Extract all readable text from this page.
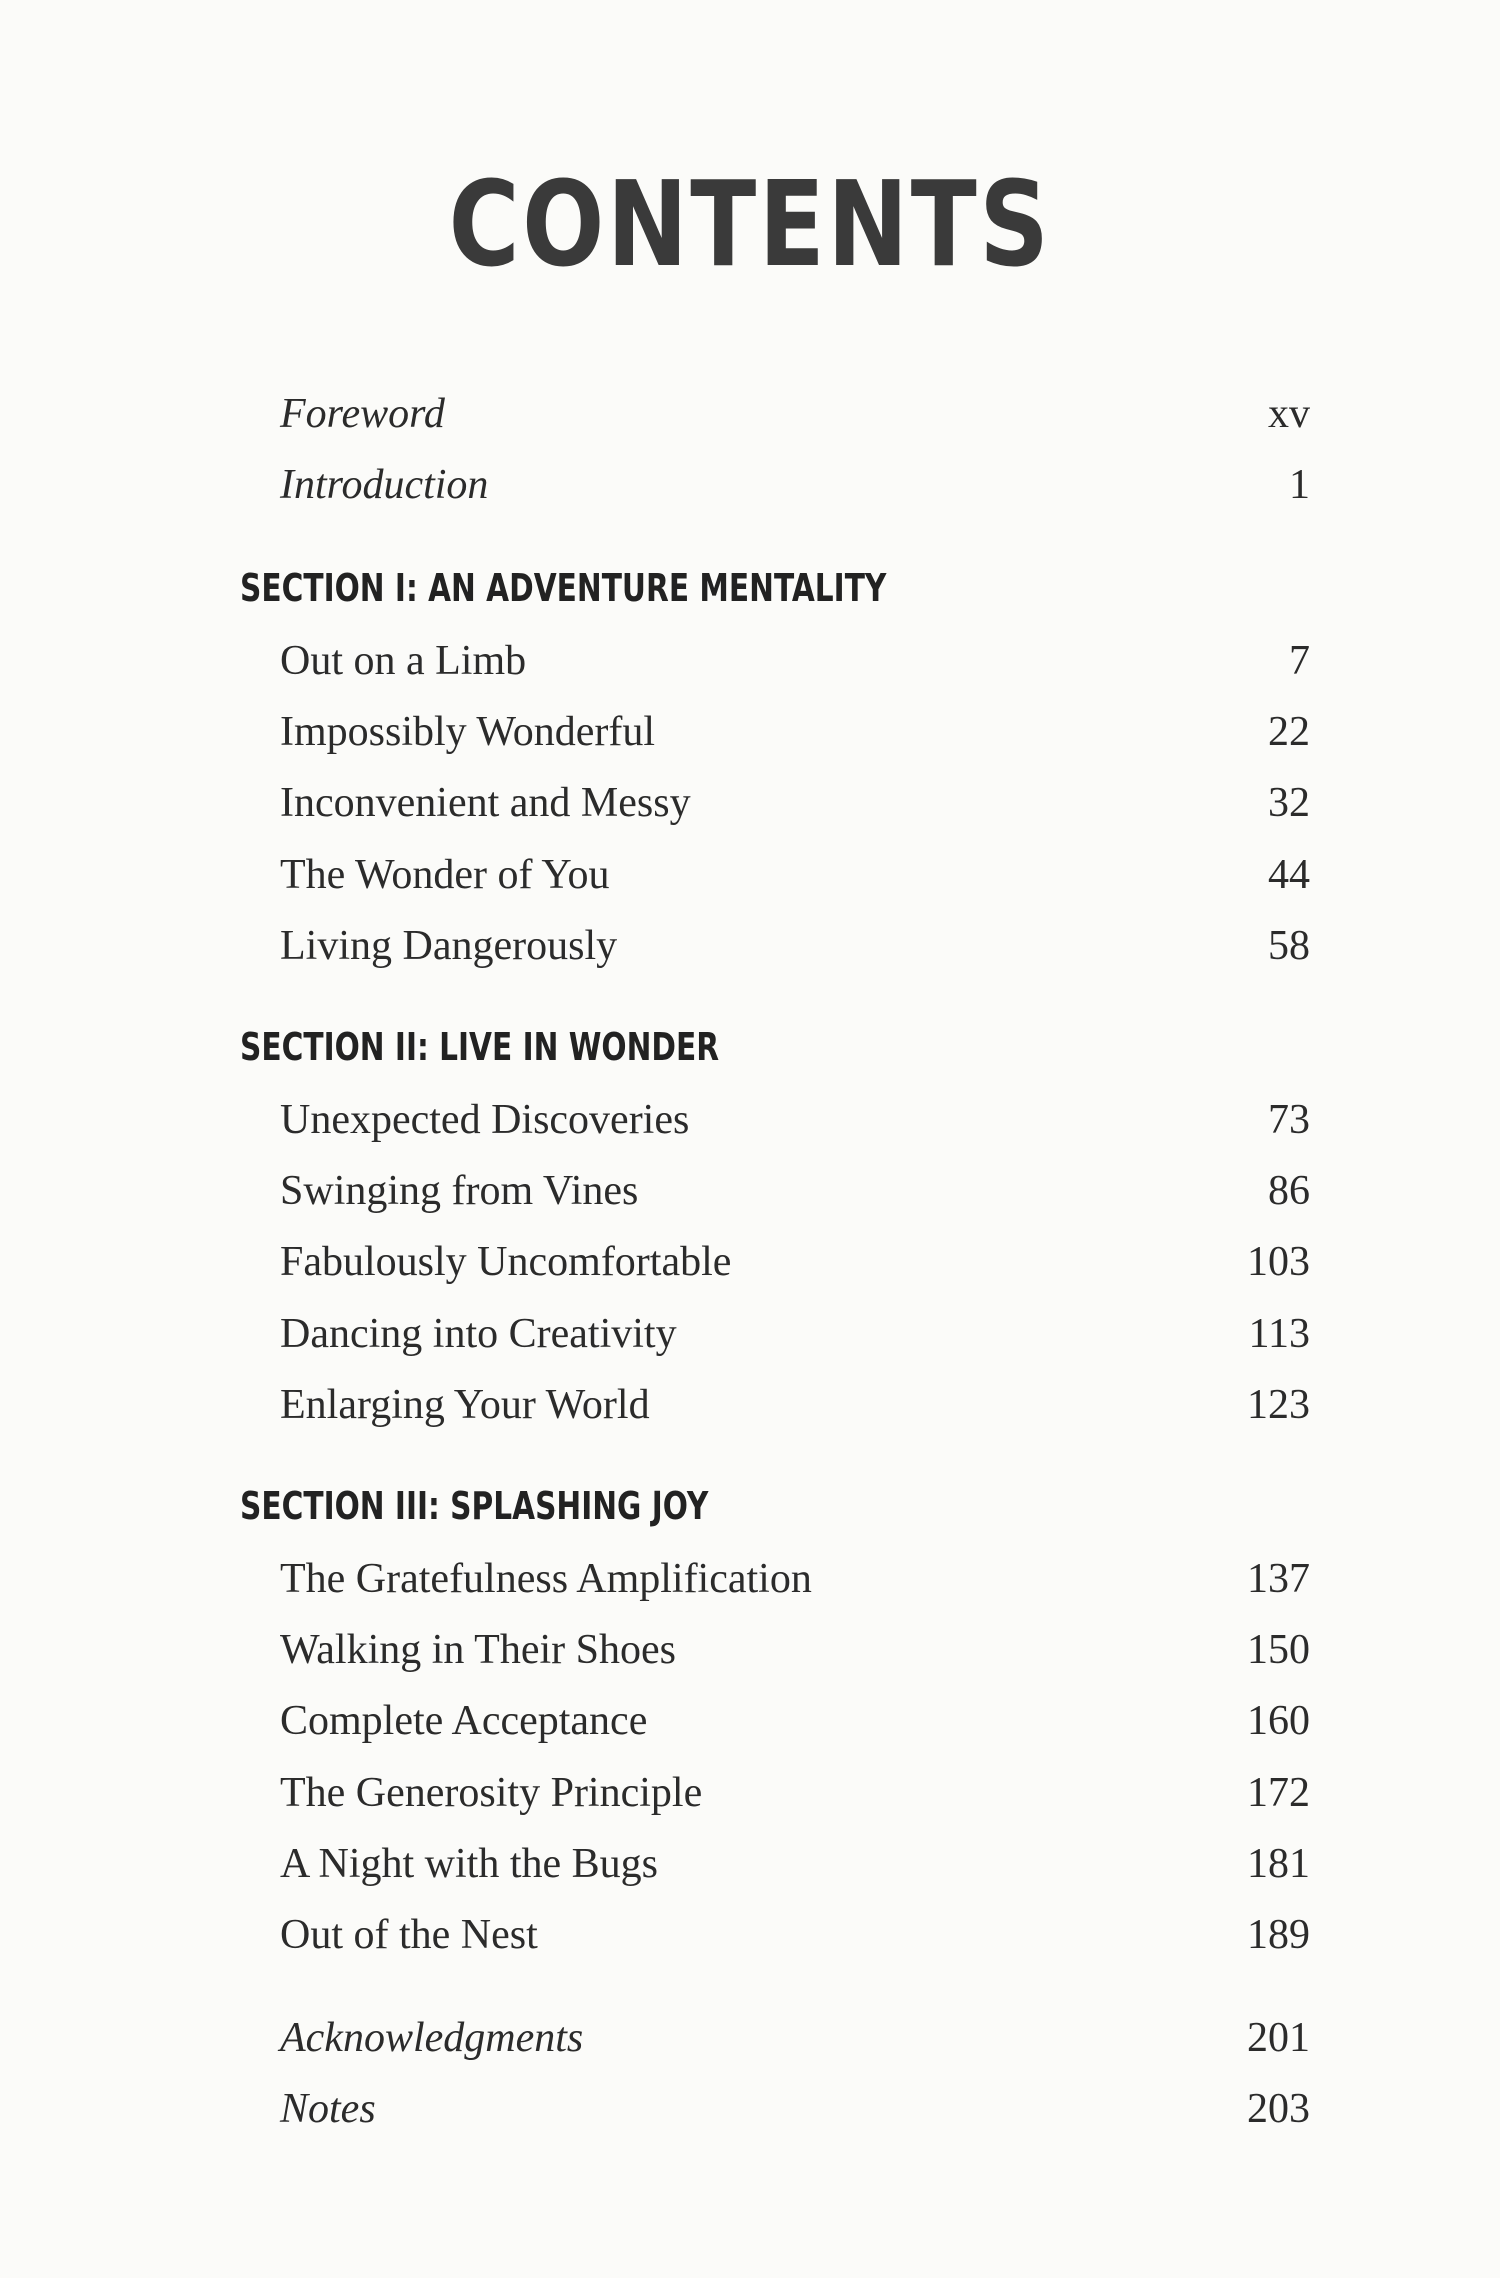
CONTENTS
Foreword	xv
Introduction	1
SECTION I: AN ADVENTURE MENTALITY
Out on a Limb	7
Impossibly Wonderful	22
Inconvenient and Messy	32
The Wonder of You	44
Living Dangerously	58
SECTION II: LIVE IN WONDER
Unexpected Discoveries	73
Swinging from Vines	86
Fabulously Uncomfortable	103
Dancing into Creativity	113
Enlarging Your World	123
SECTION III: SPLASHING JOY
The Gratefulness Amplification	137
Walking in Their Shoes	150
Complete Acceptance	160
The Generosity Principle	172
A Night with the Bugs	181
Out of the Nest	189
Acknowledgments	201
Notes	203
